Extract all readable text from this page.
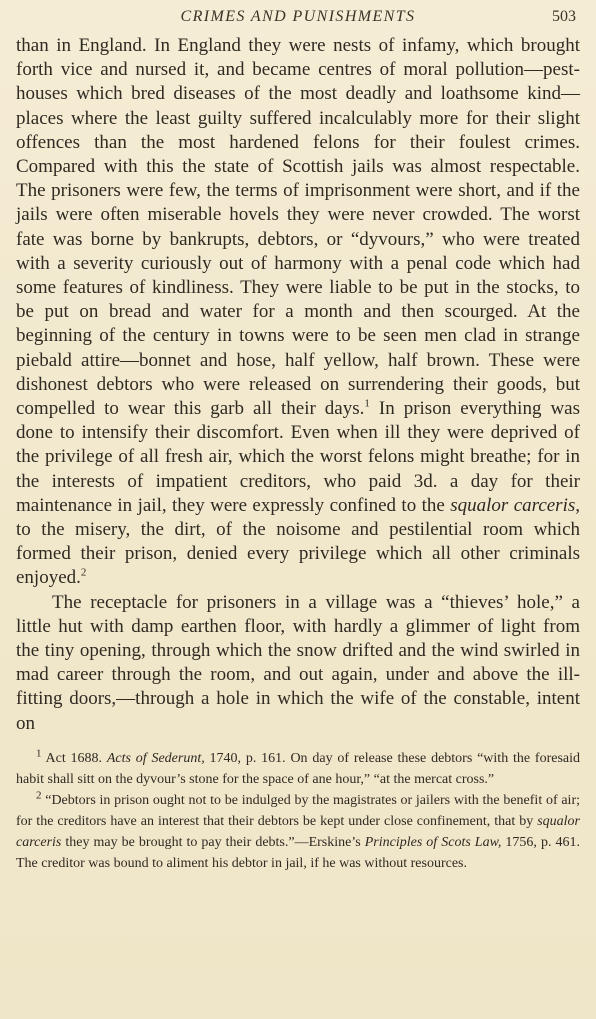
CRIMES AND PUNISHMENTS	503

than in England. In England they were nests of infamy, which brought forth vice and nursed it, and became centres of moral pollution—pest-houses which bred diseases of the most deadly and loathsome kind—places where the least guilty suffered incalculably more for their slight offences than the most hardened felons for their foulest crimes. Compared with this the state of Scottish jails was almost respectable. The prisoners were few, the terms of imprisonment were short, and if the jails were often miserable hovels they were never crowded. The worst fate was borne by bankrupts, debtors, or “dyvours,” who were treated with a severity curiously out of harmony with a penal code which had some features of kindliness. They were liable to be put in the stocks, to be put on bread and water for a month and then scourged. At the beginning of the century in towns were to be seen men clad in strange piebald attire—bonnet and hose, half yellow, half brown. These were dishonest debtors who were released on surrendering their goods, but compelled to wear this garb all their days.$^1$ In prison everything was done to intensify their discomfort. Even when ill they were deprived of the privilege of all fresh air, which the worst felons might breathe; for in the interests of impatient creditors, who paid 3d. a day for their maintenance in jail, they were expressly confined to the squalor carceris, to the misery, the dirt, of the noisome and pestilential room which formed their prison, denied every privilege which all other criminals enjoyed.$^2$

The receptacle for prisoners in a village was a “thieves’ hole,” a little hut with damp earthen floor, with hardly a glimmer of light from the tiny opening, through which the snow drifted and the wind swirled in mad career through the room, and out again, under and above the ill-fitting doors,—through a hole in which the wife of the constable, intent on

$^1$ Act 1688. Acts of Sederunt, 1740, p. 161. On day of release these debtors “with the foresaid habit shall sitt on the dyvour’s stone for the space of ane hour,” “at the mercat cross.”

$^2$ “Debtors in prison ought not to be indulged by the magistrates or jailers with the benefit of air; for the creditors have an interest that their debtors be kept under close confinement, that by squalor carceris they may be brought to pay their debts.”—Erskine’s Principles of Scots Law, 1756, p. 461. The creditor was bound to aliment his debtor in jail, if he was without resources.
